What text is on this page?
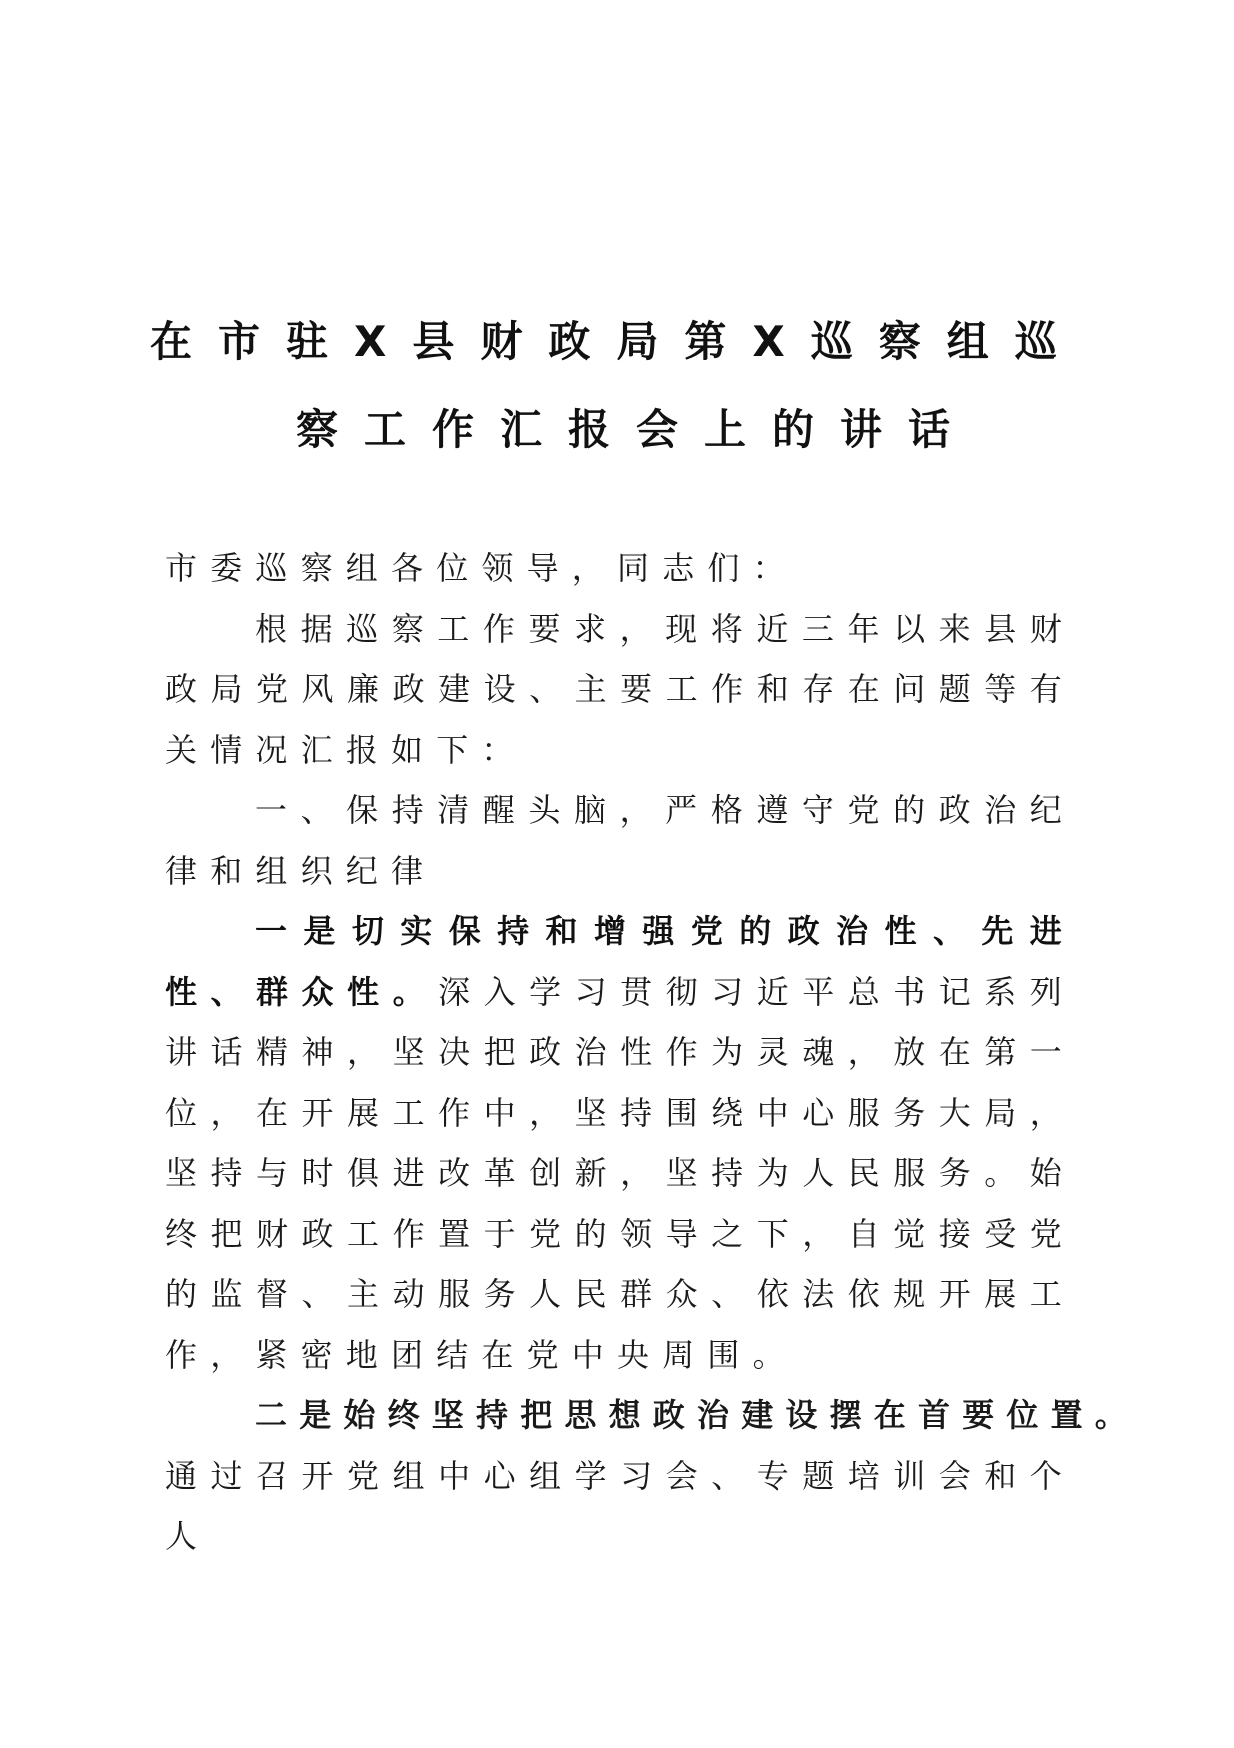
在市驻X县财政局第X巡察组巡
察工作汇报会上的讲话

市委巡察组各位领导，同志们：

根据巡察工作要求，现将近三年以来县财政局党风廉政建设、主要工作和存在问题等有关情况汇报如下：

一、保持清醒头脑，严格遵守党的政治纪律和组织纪律

一是切实保持和增强党的政治性、先进性、群众性。深入学习贯彻习近平总书记系列讲话精神，坚决把政治性作为灵魂，放在第一位，在开展工作中，坚持围绕中心服务大局，坚持与时俱进改革创新，坚持为人民服务。始终把财政工作置于党的领导之下，自觉接受党的监督、主动服务人民群众、依法依规开展工作，紧密地团结在党中央周围。

二是始终坚持把思想政治建设摆在首要位置。

通过召开党组中心组学习会、专题培训会和个人
